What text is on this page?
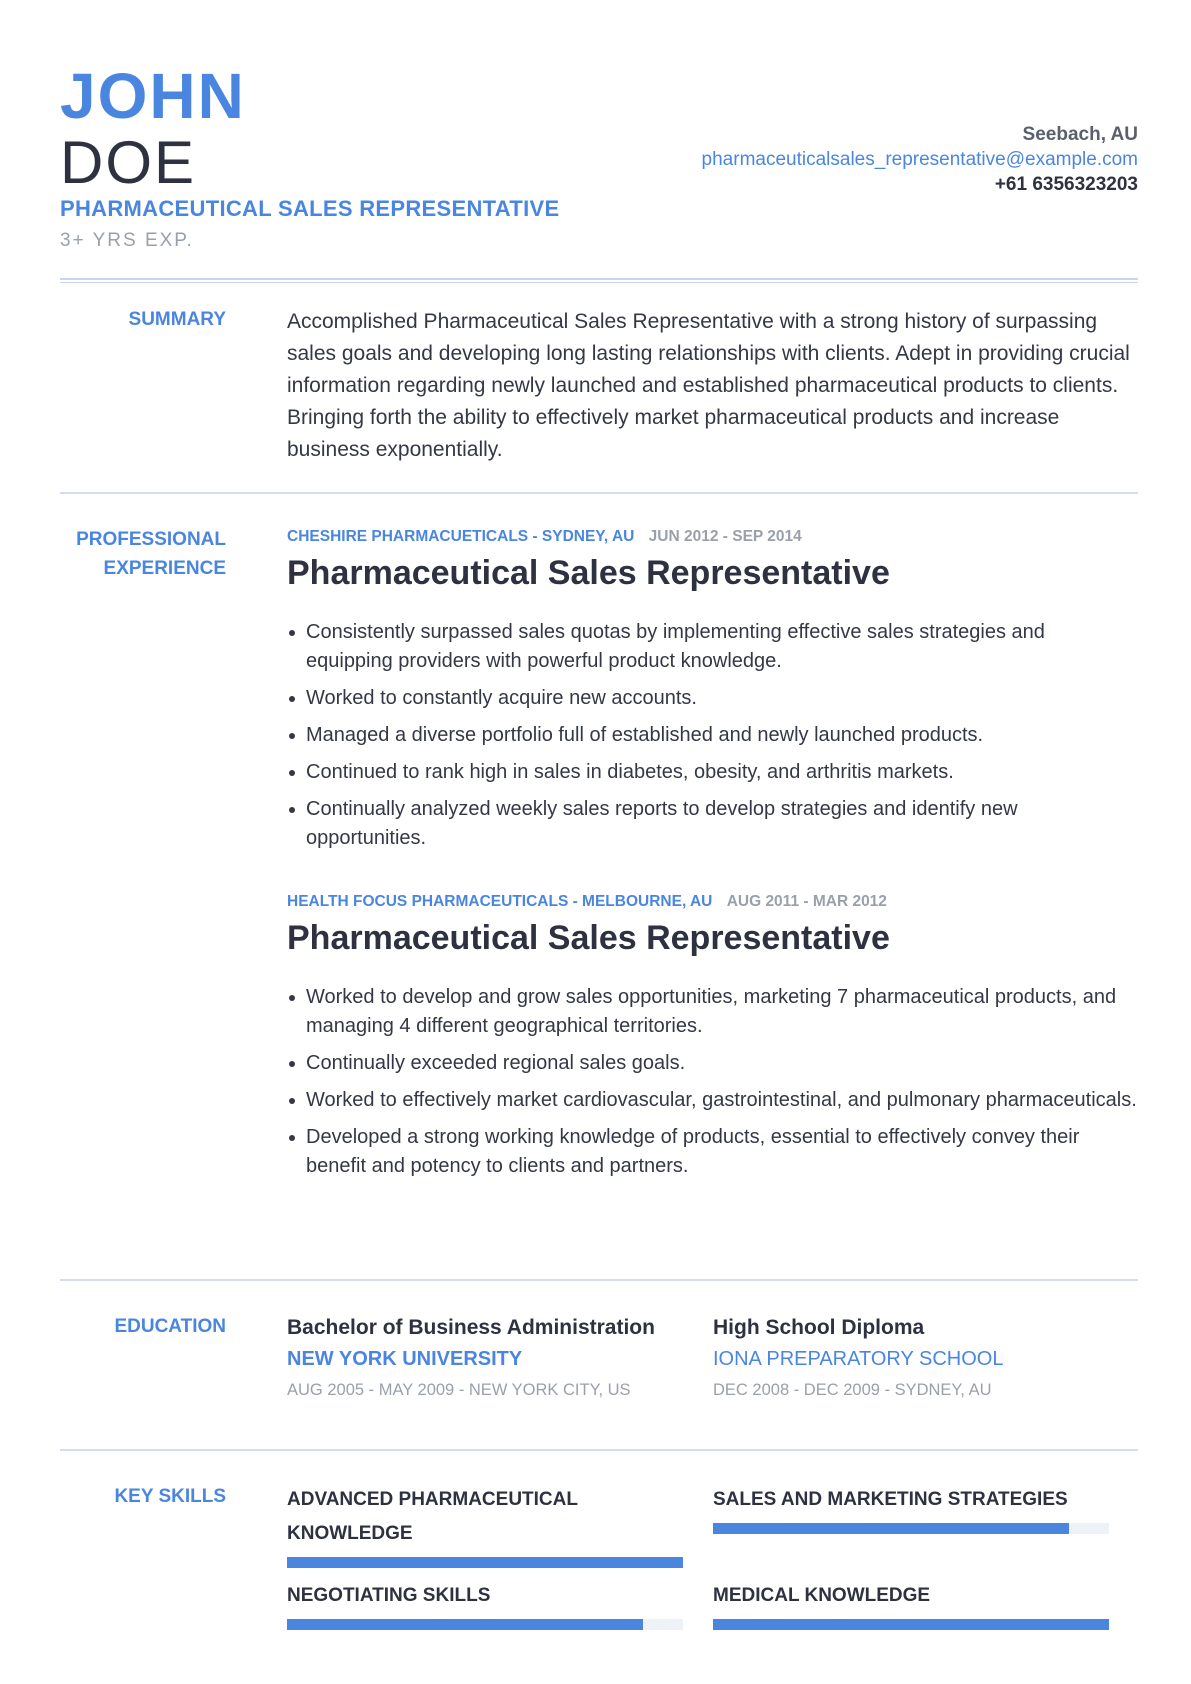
JOHN
DOE
PHARMACEUTICAL SALES REPRESENTATIVE
3+ YRS EXP.
Seebach, AU
pharmaceuticalsales_representative@example.com
+61 6356323203
SUMMARY	Accomplished Pharmaceutical Sales Representative with a strong history of surpassing sales goals and developing long lasting relationships with clients. Adept in providing crucial information regarding newly launched and established pharmaceutical products to clients. Bringing forth the ability to effectively market pharmaceutical products and increase business exponentially.
PROFESSIONAL
EXPERIENCE
CHESHIRE PHARMACUETICALS - SYDNEY, AU JUN 2012 - SEP 2014
Pharmaceutical Sales Representative
Consistently surpassed sales quotas by implementing effective sales strategies and equipping providers with powerful product knowledge.
Worked to constantly acquire new accounts.
Managed a diverse portfolio full of established and newly launched products.
Continued to rank high in sales in diabetes, obesity, and arthritis markets.
Continually analyzed weekly sales reports to develop strategies and identify new opportunities.
HEALTH FOCUS PHARMACEUTICALS - MELBOURNE, AU AUG 2011 - MAR 2012
Pharmaceutical Sales Representative
Worked to develop and grow sales opportunities, marketing 7 pharmaceutical products, and managing 4 different geographical territories.
Continually exceeded regional sales goals.
Worked to effectively market cardiovascular, gastrointestinal, and pulmonary pharmaceuticals.
Developed a strong working knowledge of products, essential to effectively convey their benefit and potency to clients and partners.
EDUCATION	Bachelor of Business Administration
NEW YORK UNIVERSITY
AUG 2005 - MAY 2009 - NEW YORK CITY, US
High School Diploma
IONA PREPARATORY SCHOOL
DEC 2008 - DEC 2009 - SYDNEY, AU
KEY SKILLS	ADVANCED PHARMACEUTICAL KNOWLEDGE
SALES AND MARKETING STRATEGIES
NEGOTIATING SKILLS	MEDICAL KNOWLEDGE
